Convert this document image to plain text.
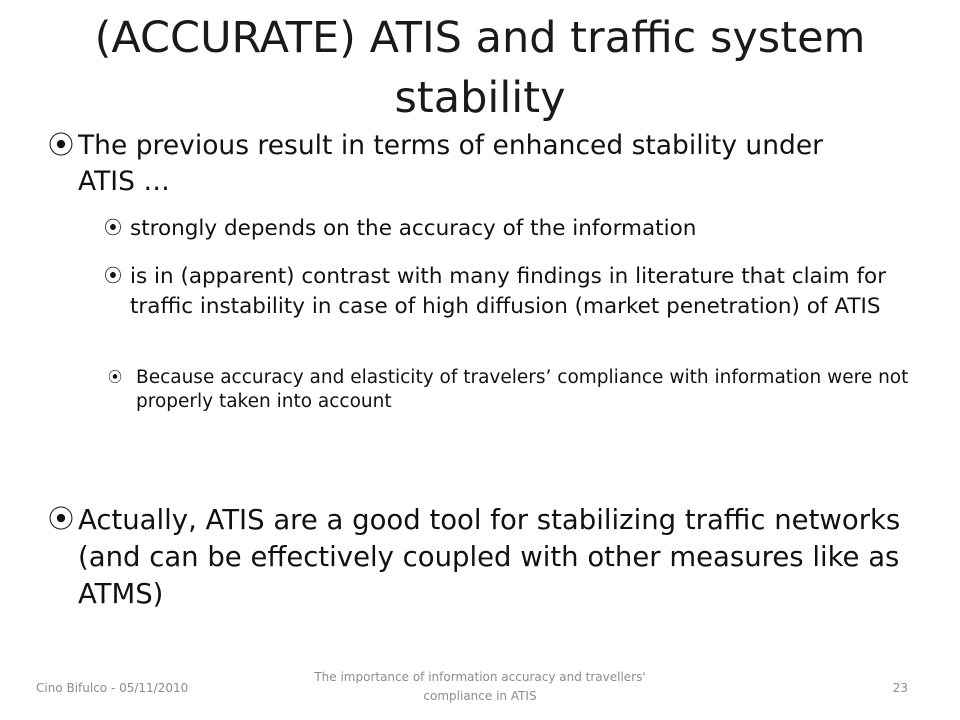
(ACCURATE) ATIS and traffic system stability
⦿ The previous result in terms of enhanced stability under ATIS …
⦿ strongly depends on the accuracy of the information
⦿ is in (apparent) contrast with many findings in literature that claim for traffic instability in case of high diffusion (market penetration) of ATIS
⦿ Because accuracy and elasticity of travelers’ compliance with information were not properly taken into account
⦿ Actually, ATIS are a good tool for stabilizing traffic networks (and can be effectively coupled with other measures like as ATMS)
Cino Bifulco - 05/11/2010
The importance of information accuracy and travellers' compliance in ATIS
23
